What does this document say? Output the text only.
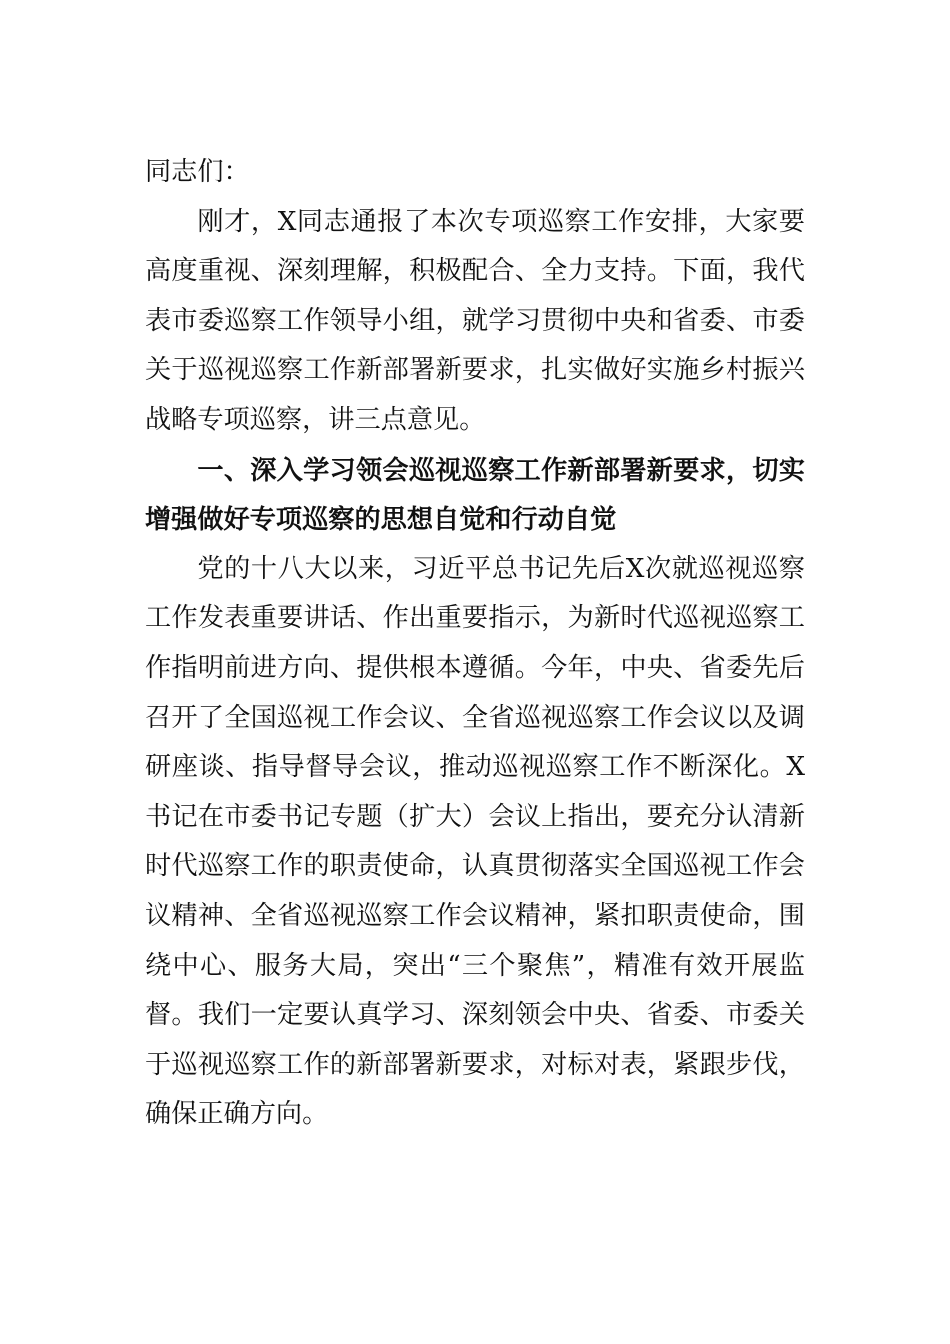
同志们：

刚才，X同志通报了本次专项巡察工作安排，大家要高度重视、深刻理解，积极配合、全力支持。下面，我代表市委巡察工作领导小组，就学习贯彻中央和省委、市委关于巡视巡察工作新部署新要求，扎实做好实施乡村振兴战略专项巡察，讲三点意见。

一、深入学习领会巡视巡察工作新部署新要求，切实增强做好专项巡察的思想自觉和行动自觉

党的十八大以来，习近平总书记先后X次就巡视巡察工作发表重要讲话、作出重要指示，为新时代巡视巡察工作指明前进方向、提供根本遵循。今年，中央、省委先后召开了全国巡视工作会议、全省巡视巡察工作会议以及调研座谈、指导督导会议，推动巡视巡察工作不断深化。X书记在市委书记专题（扩大）会议上指出，要充分认清新时代巡察工作的职责使命，认真贯彻落实全国巡视工作会议精神、全省巡视巡察工作会议精神，紧扣职责使命，围绕中心、服务大局，突出“三个聚焦”，精准有效开展监督。我们一定要认真学习、深刻领会中央、省委、市委关于巡视巡察工作的新部署新要求，对标对表，紧跟步伐，确保正确方向。
